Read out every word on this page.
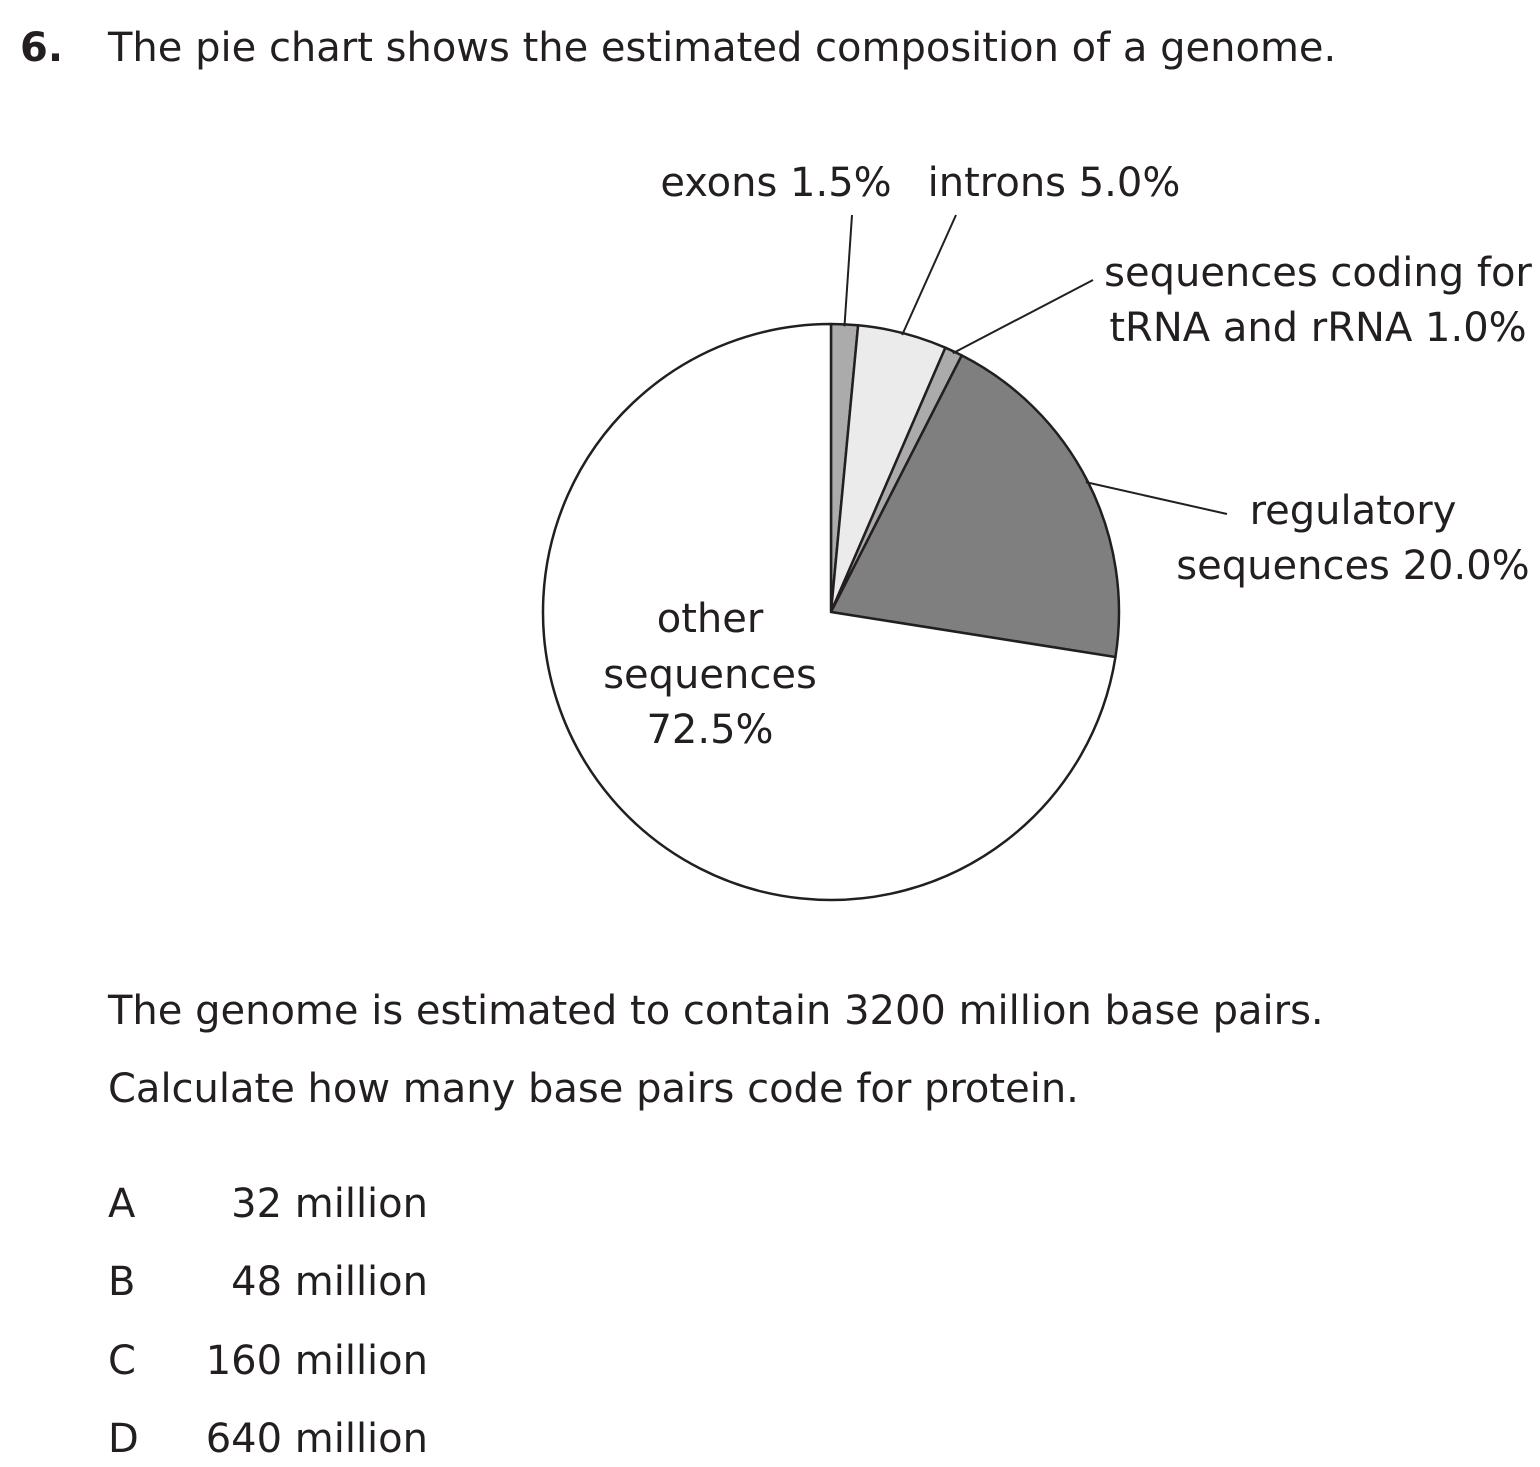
6. The pie chart shows the estimated composition of a genome.
exons 1.5% introns 5.0%
sequences coding for
tRNA and rRNA 1.0%
regulatory
sequences 20.0%
other
sequences
72.5%
The genome is estimated to contain 3200 million base pairs.
Calculate how many base pairs code for protein.
A 32 million
B 48 million
C 160 million
D 640 million
